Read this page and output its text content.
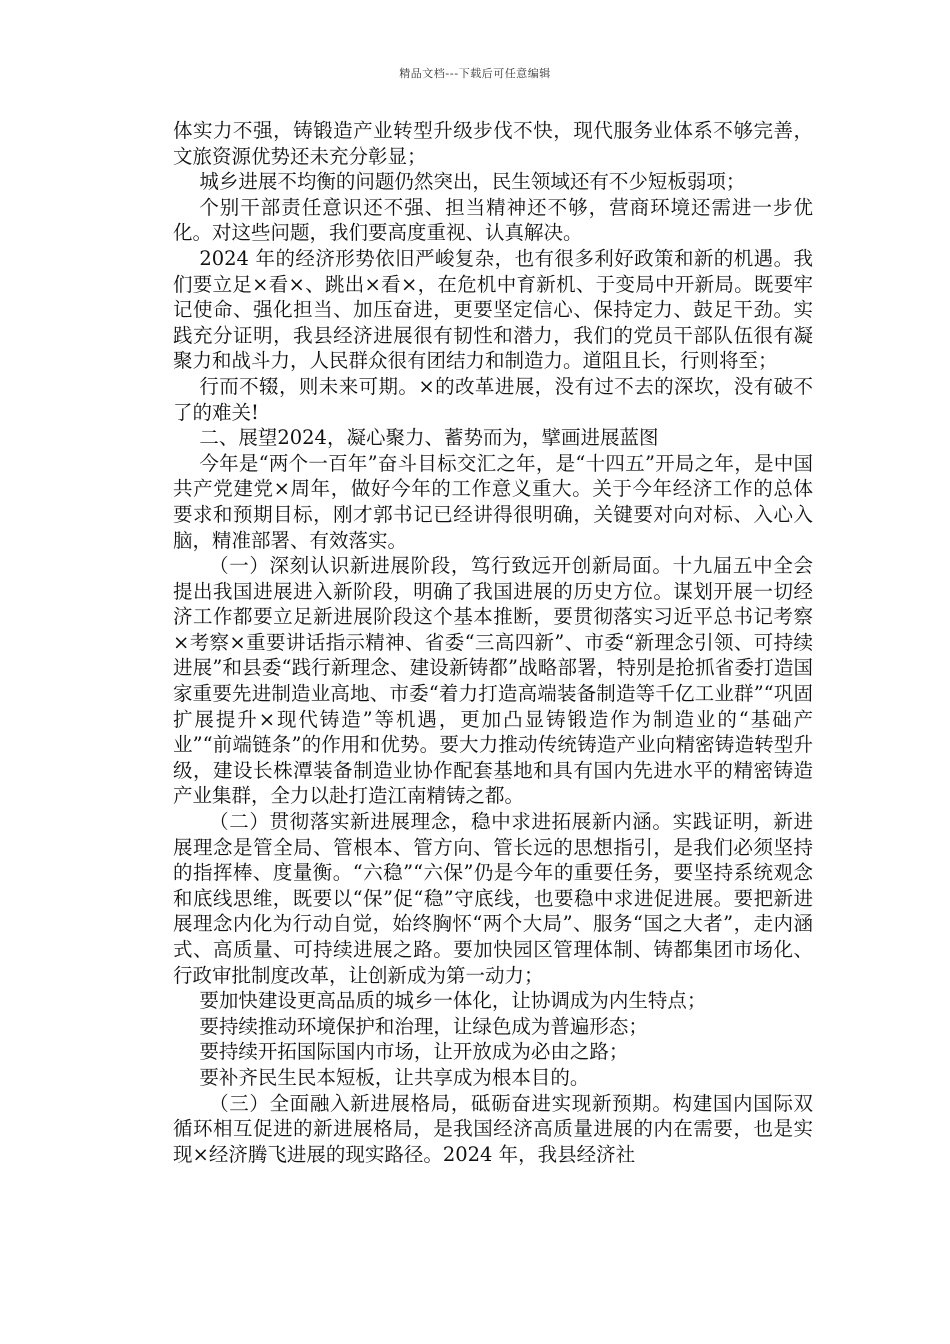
精品文档---下载后可任意编辑

体实力不强，铸锻造产业转型升级步伐不快，现代服务业体系不够完善，文旅资源优势还未充分彰显；

城乡进展不均衡的问题仍然突出，民生领域还有不少短板弱项；

个别干部责任意识还不强、担当精神还不够，营商环境还需进一步优化。对这些问题，我们要高度重视、认真解决。

2024 年的经济形势依旧严峻复杂，也有很多利好政策和新的机遇。我们要立足×看×、跳出×看×，在危机中育新机、于变局中开新局。既要牢记使命、强化担当、加压奋进，更要坚定信心、保持定力、鼓足干劲。实践充分证明，我县经济进展很有韧性和潜力，我们的党员干部队伍很有凝聚力和战斗力，人民群众很有团结力和制造力。道阻且长，行则将至；

行而不辍，则未来可期。×的改革进展，没有过不去的深坎，没有破不了的难关!

二、展望2024，凝心聚力、蓄势而为，擘画进展蓝图

今年是“两个一百年”奋斗目标交汇之年，是“十四五”开局之年，是中国共产党建党×周年，做好今年的工作意义重大。关于今年经济工作的总体要求和预期目标，刚才郭书记已经讲得很明确，关键要对向对标、入心入脑，精准部署、有效落实。

（一）深刻认识新进展阶段，笃行致远开创新局面。十九届五中全会提出我国进展进入新阶段，明确了我国进展的历史方位。谋划开展一切经济工作都要立足新进展阶段这个基本推断，要贯彻落实习近平总书记考察×考察×重要讲话指示精神、省委“三高四新”、市委“新理念引领、可持续进展”和县委“践行新理念、建设新铸都”战略部署，特别是抢抓省委打造国家重要先进制造业高地、市委“着力打造高端装备制造等千亿工业群”“巩固扩展提升×现代铸造”等机遇，更加凸显铸锻造作为制造业的“基础产业”“前端链条”的作用和优势。要大力推动传统铸造产业向精密铸造转型升级，建设长株潭装备制造业协作配套基地和具有国内先进水平的精密铸造产业集群，全力以赴打造江南精铸之都。

（二）贯彻落实新进展理念，稳中求进拓展新内涵。实践证明，新进展理念是管全局、管根本、管方向、管长远的思想指引，是我们必须坚持的指挥棒、度量衡。“六稳”“六保”仍是今年的重要任务，要坚持系统观念和底线思维，既要以“保”促“稳”守底线，也要稳中求进促进展。要把新进展理念内化为行动自觉，始终胸怀“两个大局”、服务“国之大者”，走内涵式、高质量、可持续进展之路。要加快园区管理体制、铸都集团市场化、行政审批制度改革，让创新成为第一动力；

要加快建设更高品质的城乡一体化，让协调成为内生特点；

要持续推动环境保护和治理，让绿色成为普遍形态；

要持续开拓国际国内市场，让开放成为必由之路；

要补齐民生民本短板，让共享成为根本目的。

（三）全面融入新进展格局，砥砺奋进实现新预期。构建国内国际双循环相互促进的新进展格局，是我国经济高质量进展的内在需要，也是实现×经济腾飞进展的现实路径。2024 年，我县经济社
